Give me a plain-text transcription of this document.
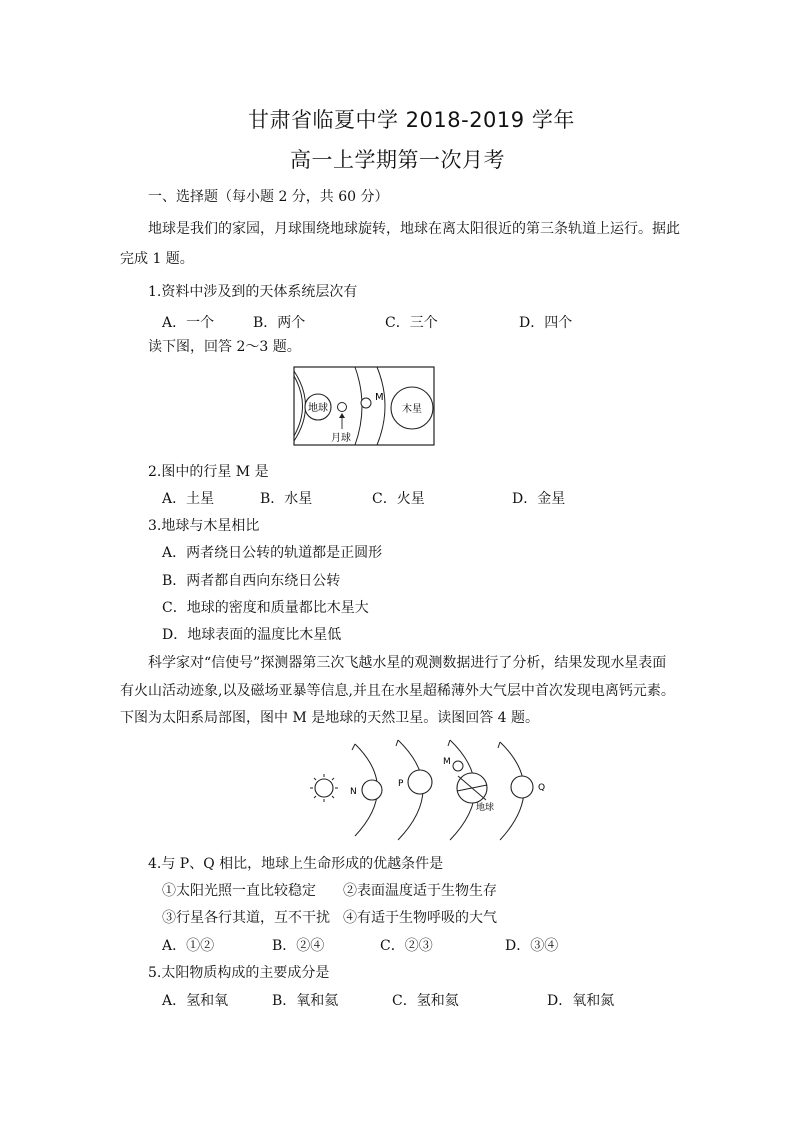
甘肃省临夏中学 2018-2019 学年
高一上学期第一次月考
一、选择题（每小题 2 分，共 60 分）
地球是我们的家园，月球围绕地球旋转，地球在离太阳很近的第三条轨道上运行。据此
完成 1 题。
1.资料中涉及到的天体系统层次有
A．一个	B．两个	C．三个	D．四个
读下图，回答 2～3 题。
地球
月球
M
木星
2.图中的行星 M 是
A．土星	B．水星	C．火星	D．金星
3.地球与木星相比
A．两者绕日公转的轨道都是正圆形
B．两者都自西向东绕日公转
C．地球的密度和质量都比木星大
D．地球表面的温度比木星低
科学家对“信使号”探测器第三次飞越水星的观测数据进行了分析，结果发现水星表面
有火山活动迹象,以及磁场亚暴等信息,并且在水星超稀薄外大气层中首次发现电离钙元素。
下图为太阳系局部图，图中 M 是地球的天然卫星。读图回答 4 题。
N
P
M
地球
Q
4.与 P、Q 相比，地球上生命形成的优越条件是
①太阳光照一直比较稳定 ②表面温度适于生物生存
③行星各行其道，互不干扰 ④有适于生物呼吸的大气
A．①②	B．②④	C．②③	D．③④
5.太阳物质构成的主要成分是
A．氢和氧	B．氧和氦	C．氢和氦	D．氧和氮
